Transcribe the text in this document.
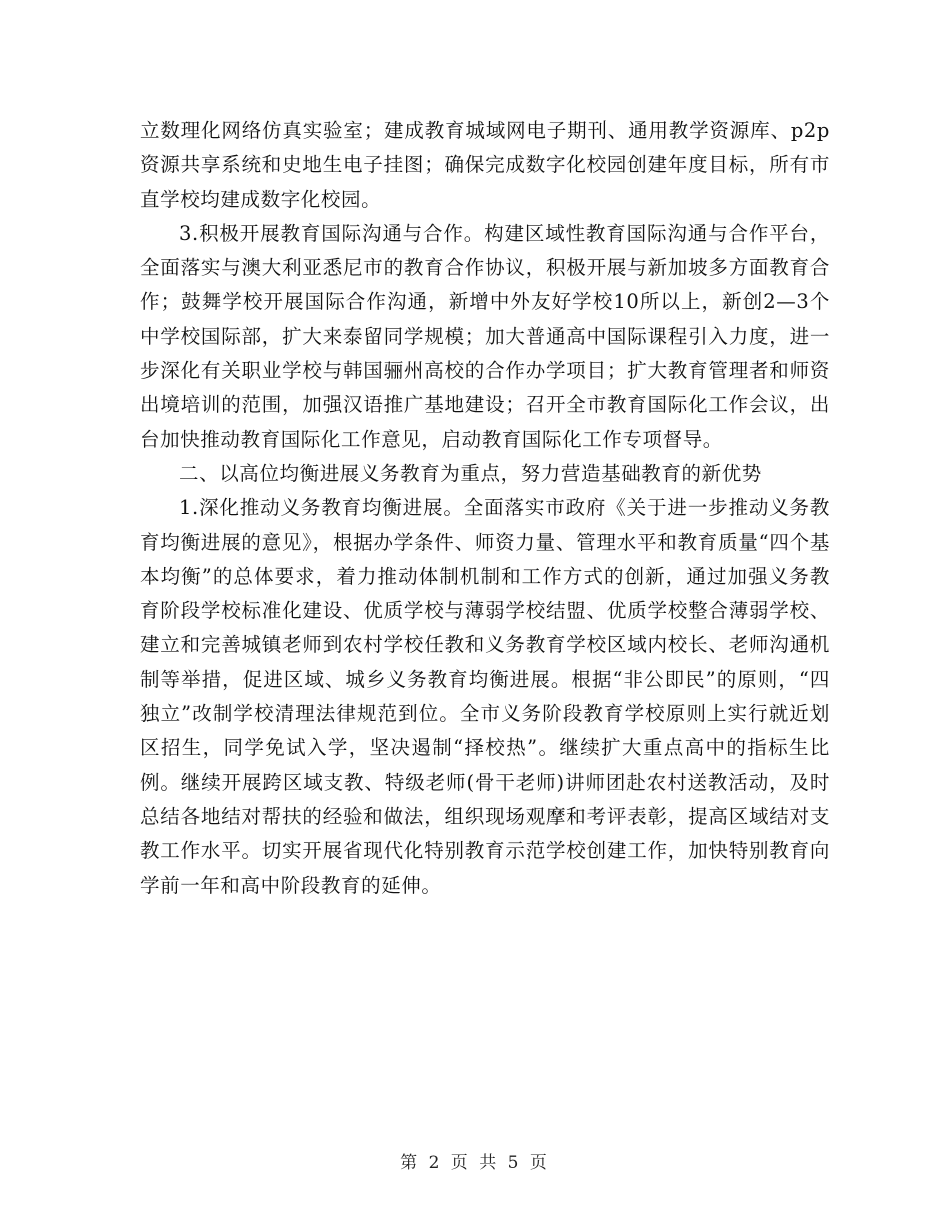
立数理化网络仿真实验室；建成教育城域网电子期刊、通用教学资源库、p2p资源共享系统和史地生电子挂图；确保完成数字化校园创建年度目标，所有市直学校均建成数字化校园。

3.积极开展教育国际沟通与合作。构建区域性教育国际沟通与合作平台，全面落实与澳大利亚悉尼市的教育合作协议，积极开展与新加坡多方面教育合作；鼓舞学校开展国际合作沟通，新增中外友好学校10所以上，新创2—3个中学校国际部，扩大来泰留同学规模；加大普通高中国际课程引入力度，进一步深化有关职业学校与韩国骊州高校的合作办学项目；扩大教育管理者和师资出境培训的范围，加强汉语推广基地建设；召开全市教育国际化工作会议，出台加快推动教育国际化工作意见，启动教育国际化工作专项督导。

二、以高位均衡进展义务教育为重点，努力营造基础教育的新优势

1.深化推动义务教育均衡进展。全面落实市政府《关于进一步推动义务教育均衡进展的意见》，根据办学条件、师资力量、管理水平和教育质量“四个基本均衡”的总体要求，着力推动体制机制和工作方式的创新，通过加强义务教育阶段学校标准化建设、优质学校与薄弱学校结盟、优质学校整合薄弱学校、建立和完善城镇老师到农村学校任教和义务教育学校区域内校长、老师沟通机制等举措，促进区域、城乡义务教育均衡进展。根据“非公即民”的原则，“四独立”改制学校清理法律规范到位。全市义务阶段教育学校原则上实行就近划区招生，同学免试入学，坚决遏制“择校热”。继续扩大重点高中的指标生比例。继续开展跨区域支教、特级老师(骨干老师)讲师团赴农村送教活动，及时总结各地结对帮扶的经验和做法，组织现场观摩和考评表彰，提高区域结对支教工作水平。切实开展省现代化特别教育示范学校创建工作，加快特别教育向学前一年和高中阶段教育的延伸。

第 2 页 共 5 页
